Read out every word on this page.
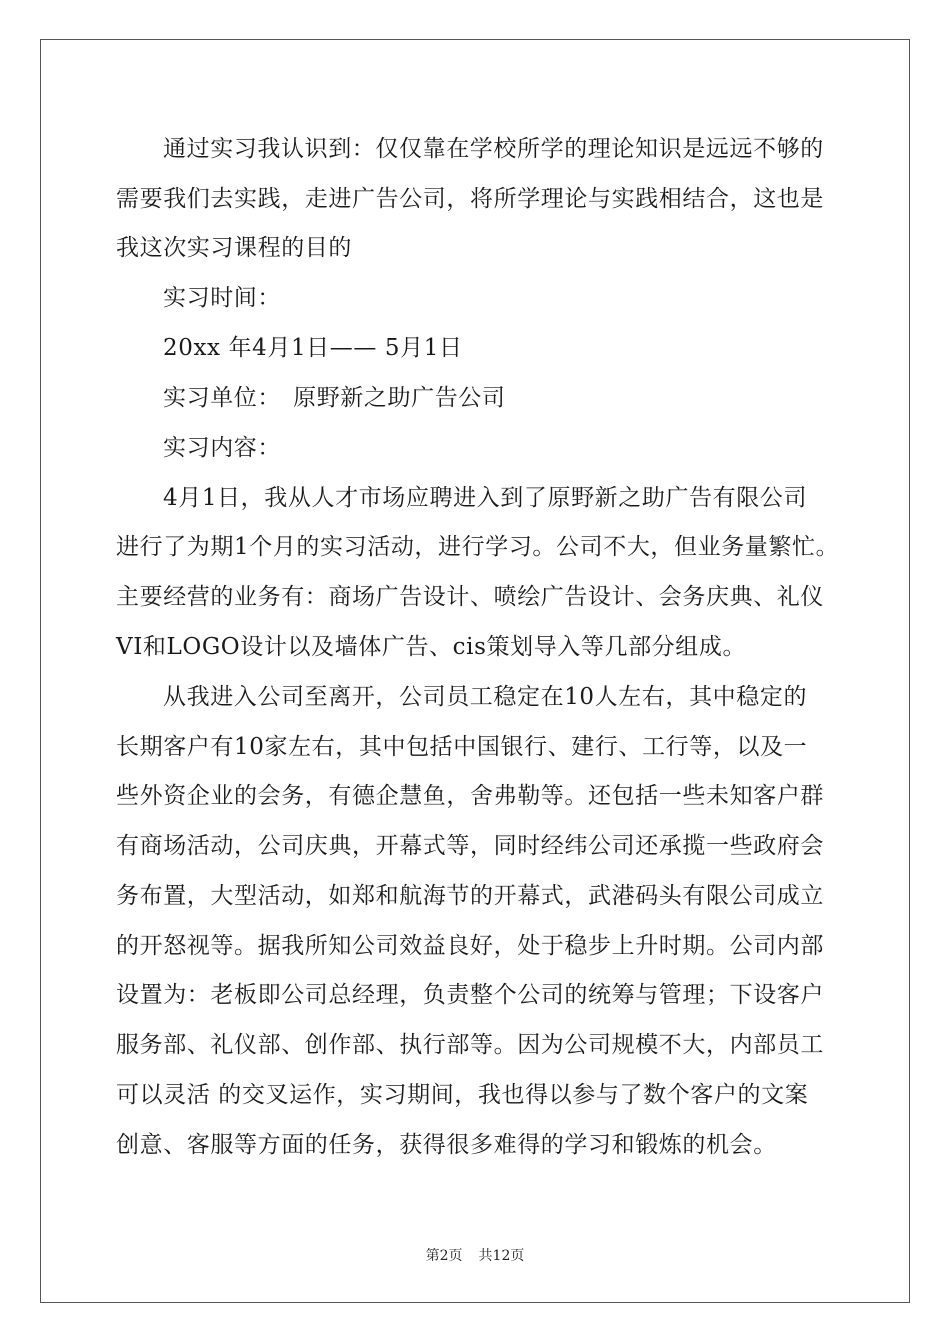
通过实习我认识到：仅仅靠在学校所学的理论知识是远远不够的
需要我们去实践，走进广告公司，将所学理论与实践相结合，这也是
我这次实习课程的目的
实习时间：
20xx 年4月1日—— 5月1日
实习单位：　原野新之助广告公司
实习内容：
4月1日，我从人才市场应聘进入到了原野新之助广告有限公司
进行了为期1个月的实习活动，进行学习。公司不大，但业务量繁忙。
主要经营的业务有：商场广告设计、喷绘广告设计、会务庆典、礼仪
VI和LOGO设计以及墙体广告、cis策划导入等几部分组成。
从我进入公司至离开，公司员工稳定在10人左右，其中稳定的
长期客户有10家左右，其中包括中国银行、建行、工行等，以及一
些外资企业的会务，有德企慧鱼，舍弗勒等。还包括一些未知客户群
有商场活动，公司庆典，开幕式等，同时经纬公司还承揽一些政府会
务布置，大型活动，如郑和航海节的开幕式，武港码头有限公司成立
的开怒视等。据我所知公司效益良好，处于稳步上升时期。公司内部
设置为：老板即公司总经理，负责整个公司的统筹与管理；下设客户
服务部、礼仪部、创作部、执行部等。因为公司规模不大，内部员工
可以灵活 的交叉运作，实习期间，我也得以参与了数个客户的文案
创意、客服等方面的任务，获得很多难得的学习和锻炼的机会。
第2页 共12页
